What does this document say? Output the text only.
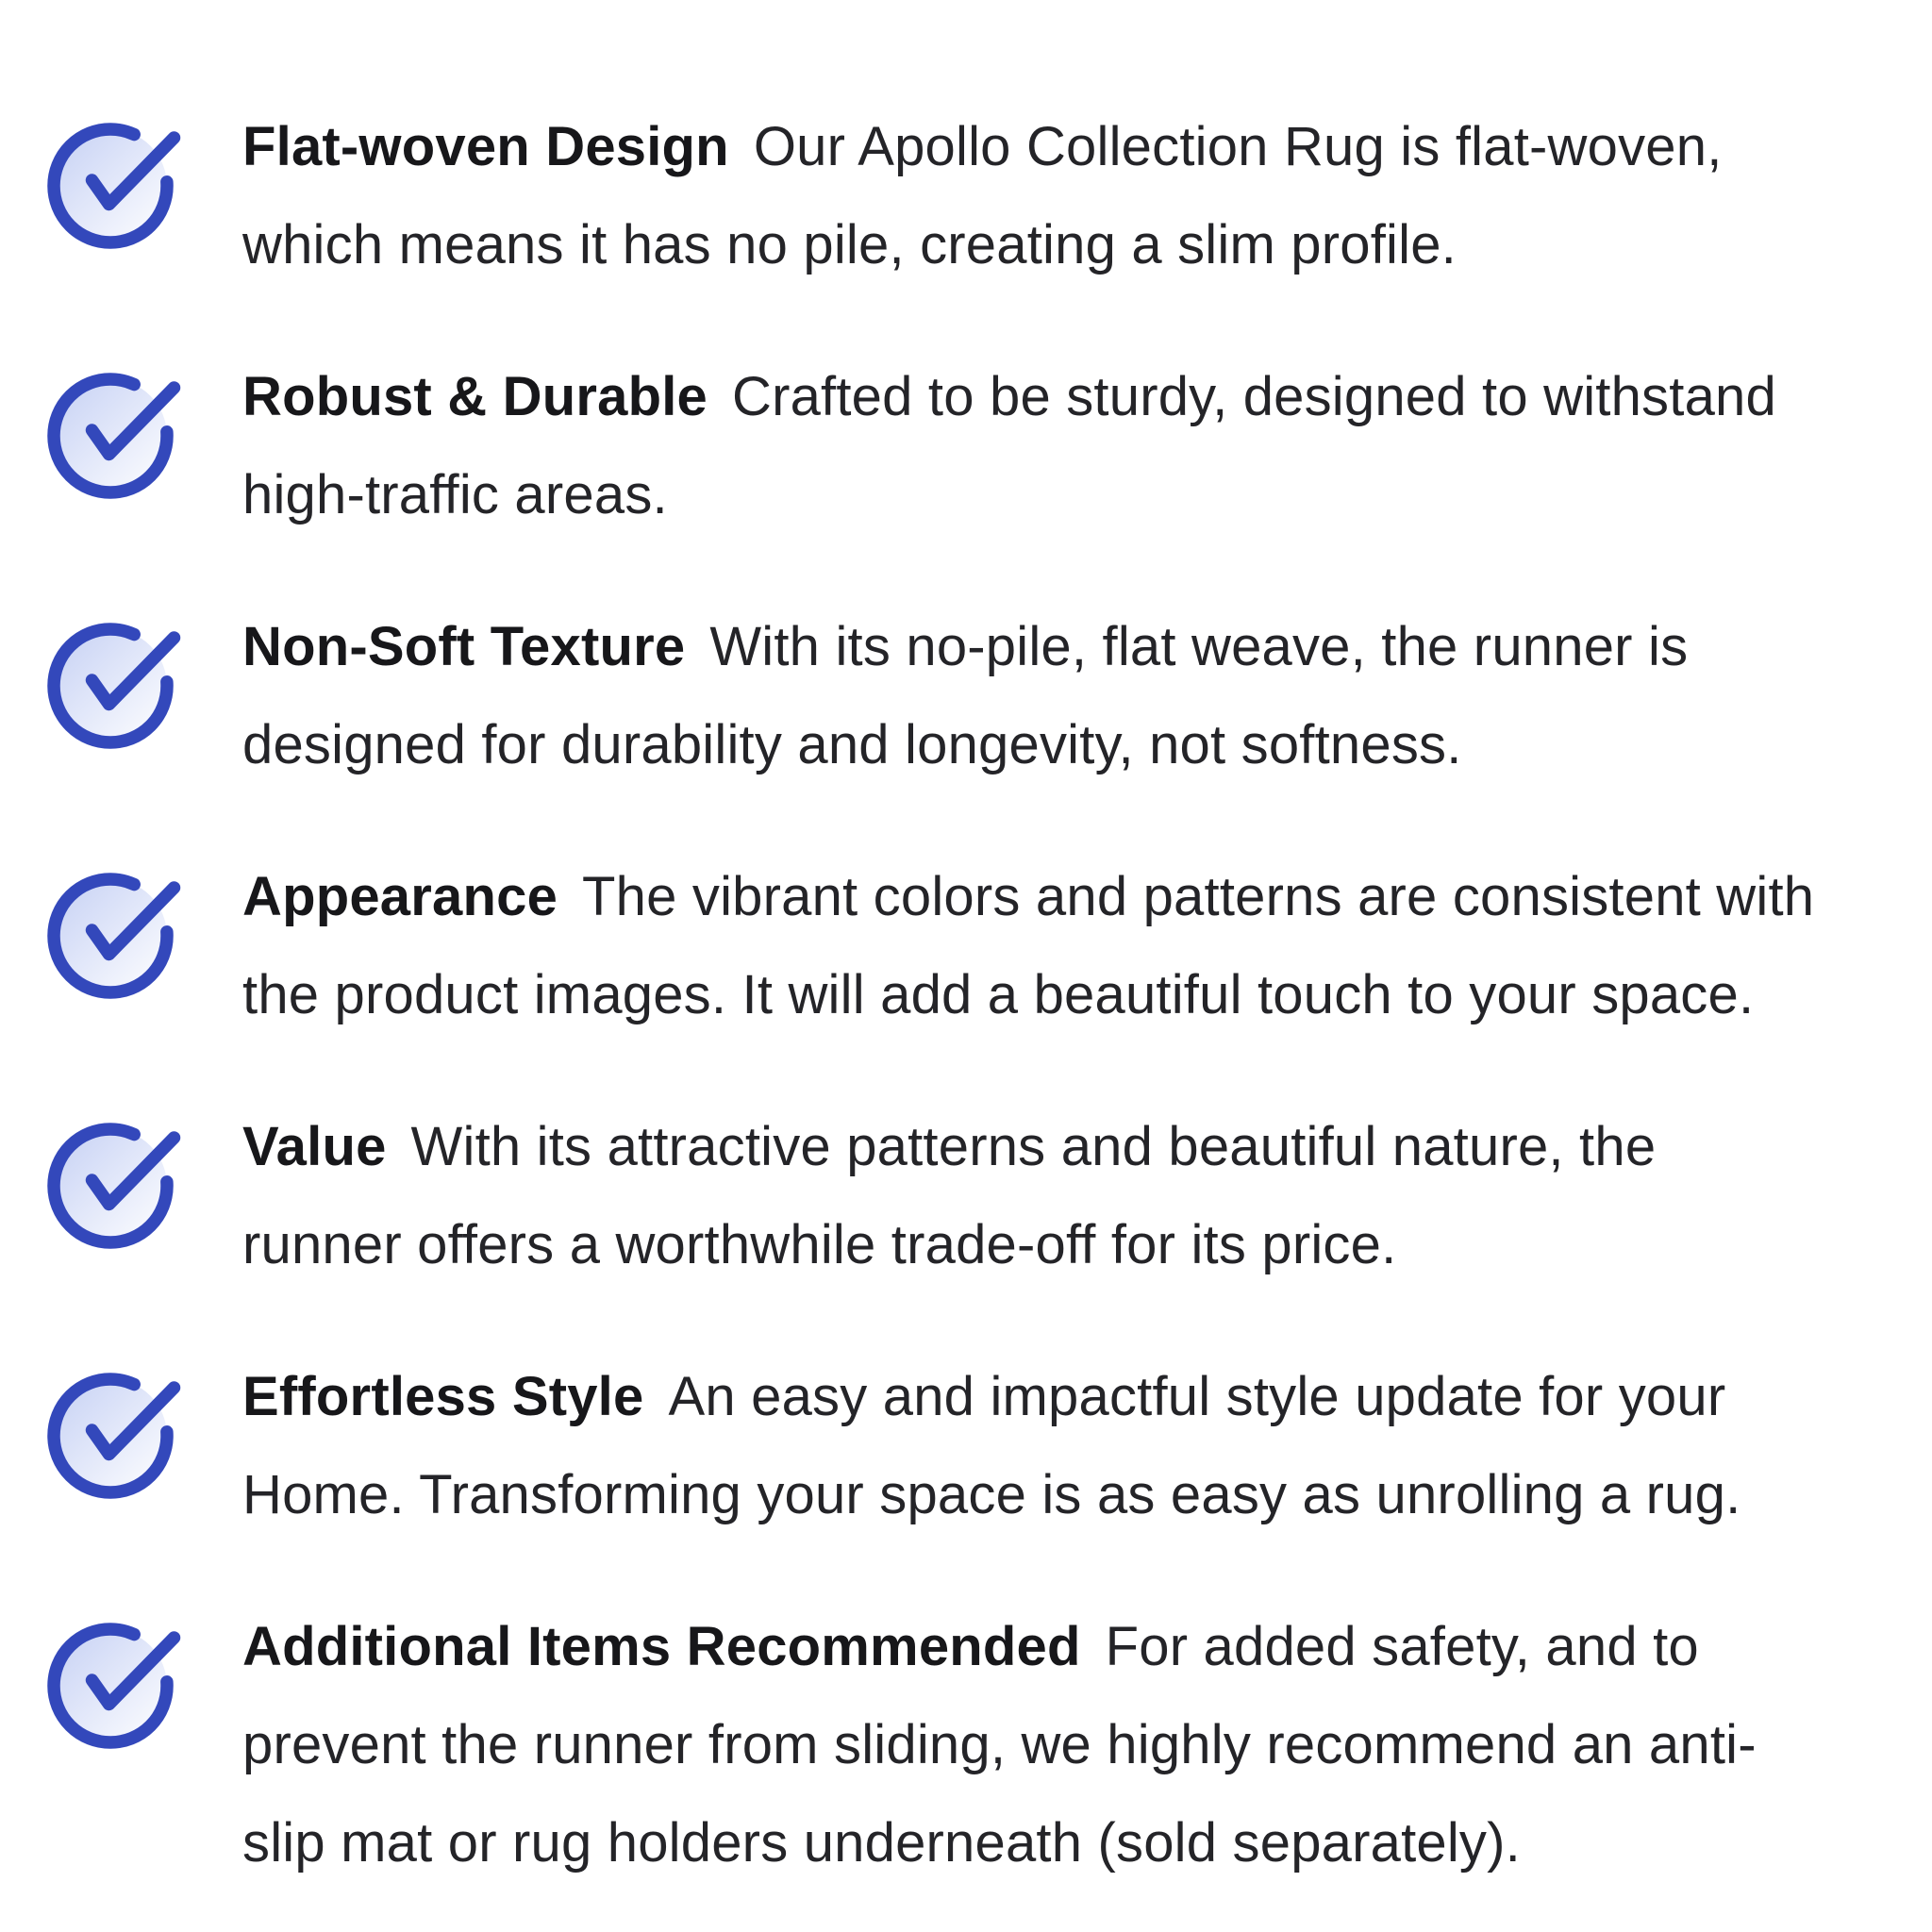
Flat-woven Design Our Apollo Collection Rug is flat-woven,
which means it has no pile, creating a slim profile.
Robust & Durable Crafted to be sturdy, designed to withstand
high-traffic areas.
Non-Soft Texture With its no-pile, flat weave, the runner is
designed for durability and longevity, not softness.
Appearance The vibrant colors and patterns are consistent with
the product images. It will add a beautiful touch to your space.
Value With its attractive patterns and beautiful nature, the
runner offers a worthwhile trade-off for its price.
Effortless Style An easy and impactful style update for your
Home. Transforming your space is as easy as unrolling a rug.
Additional Items Recommended For added safety, and to
prevent the runner from sliding, we highly recommend an anti-
slip mat or rug holders underneath (sold separately).
